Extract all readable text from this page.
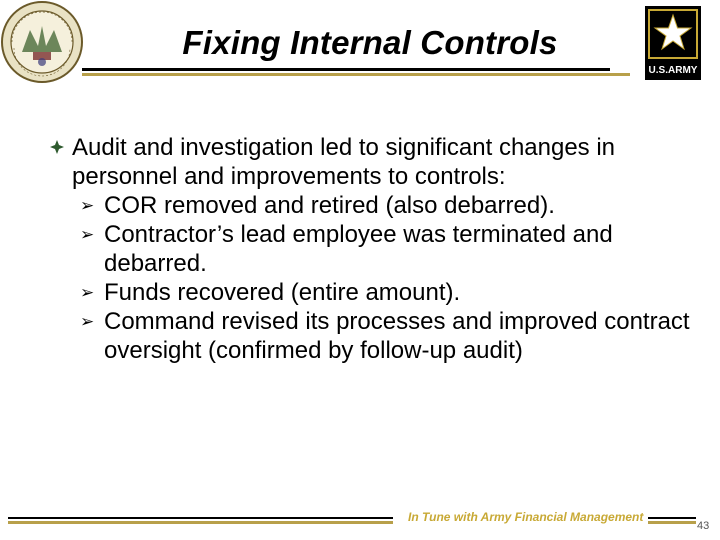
U.S.ARMY
Fixing Internal Controls
Audit and investigation led to significant changes in personnel and improvements to controls:
➢ COR removed and retired (also debarred).
➢ Contractor’s lead employee was terminated and debarred.
➢ Funds recovered (entire amount).
➢ Command revised its processes and improved contract oversight (confirmed by follow-up audit)
In Tune with Army Financial Management
43
